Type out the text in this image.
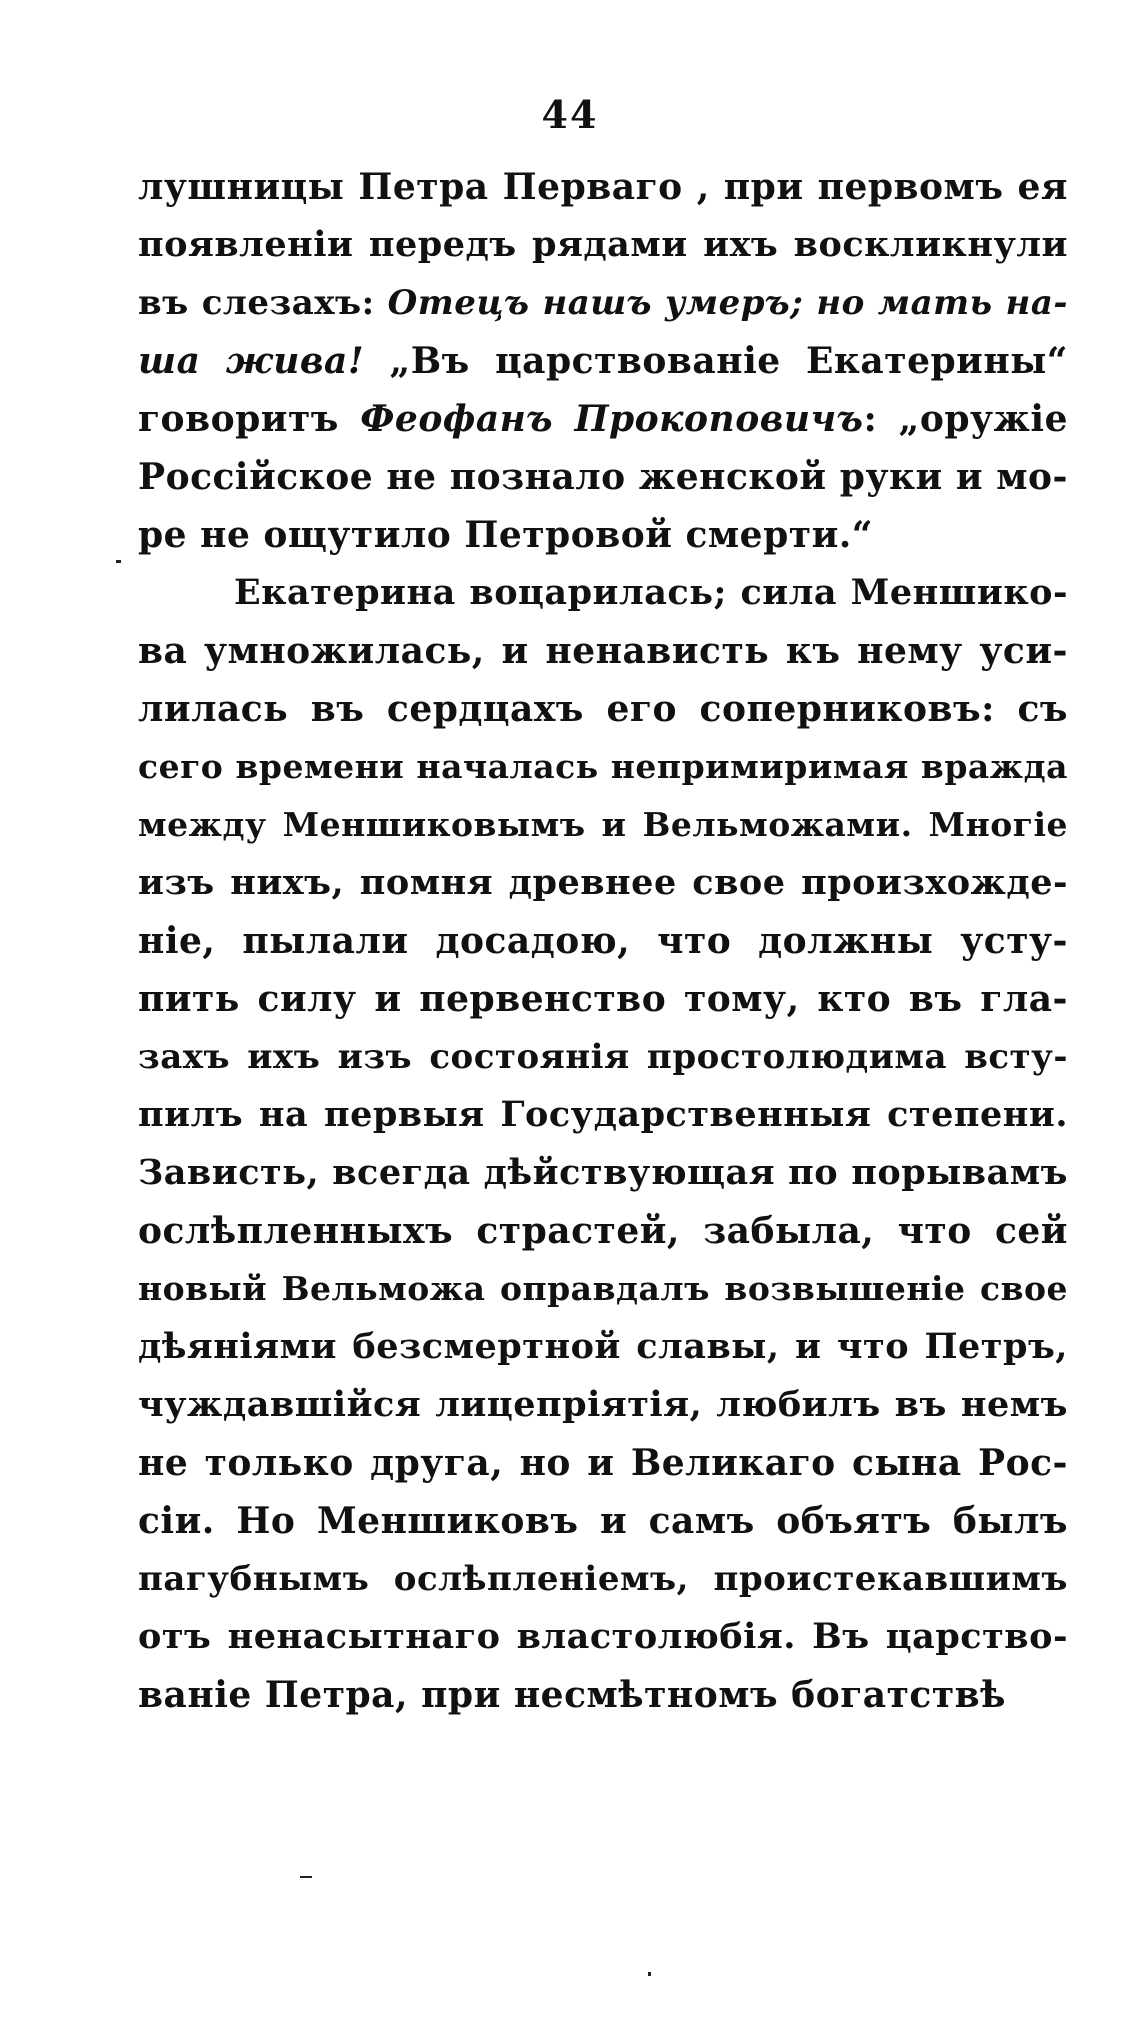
44
лушницы Петра Перваго , при первомъ ея
появленіи передъ рядами ихъ воскликнули
въ слезахъ: Отецъ нашъ умеръ; но мать на-
ша жива! „Въ царствованіе Екатерины“
говоритъ Феофанъ Прокоповичъ: „оружіе
Россійское не познало женской руки и мо-
ре не ощутило Петровой смерти.“
Екатерина воцарилась; сила Меншико-
ва умножилась, и ненависть къ нему уси-
лилась въ сердцахъ его соперниковъ: съ
сего времени началась непримиримая вражда
между Меншиковымъ и Вельможами. Многіе
изъ нихъ, помня древнее свое произхожде-
ніе, пылали досадою, что должны усту-
пить силу и первенство тому, кто въ гла-
захъ ихъ изъ состоянія простолюдима всту-
пилъ на первыя Государственныя степени.
Зависть, всегда дѣйствующая по порывамъ
ослѣпленныхъ страстей, забыла, что сей
новый Вельможа оправдалъ возвышеніе свое
дѣяніями безсмертной славы, и что Петръ,
чуждавшійся лицепріятія, любилъ въ немъ
не только друга, но и Великаго сына Рос-
сіи. Но Меншиковъ и самъ объятъ былъ
пагубнымъ ослѣпленіемъ, проистекавшимъ
отъ ненасытнаго властолюбія. Въ царство-
ваніе Петра, при несмѣтномъ богатствѣ
